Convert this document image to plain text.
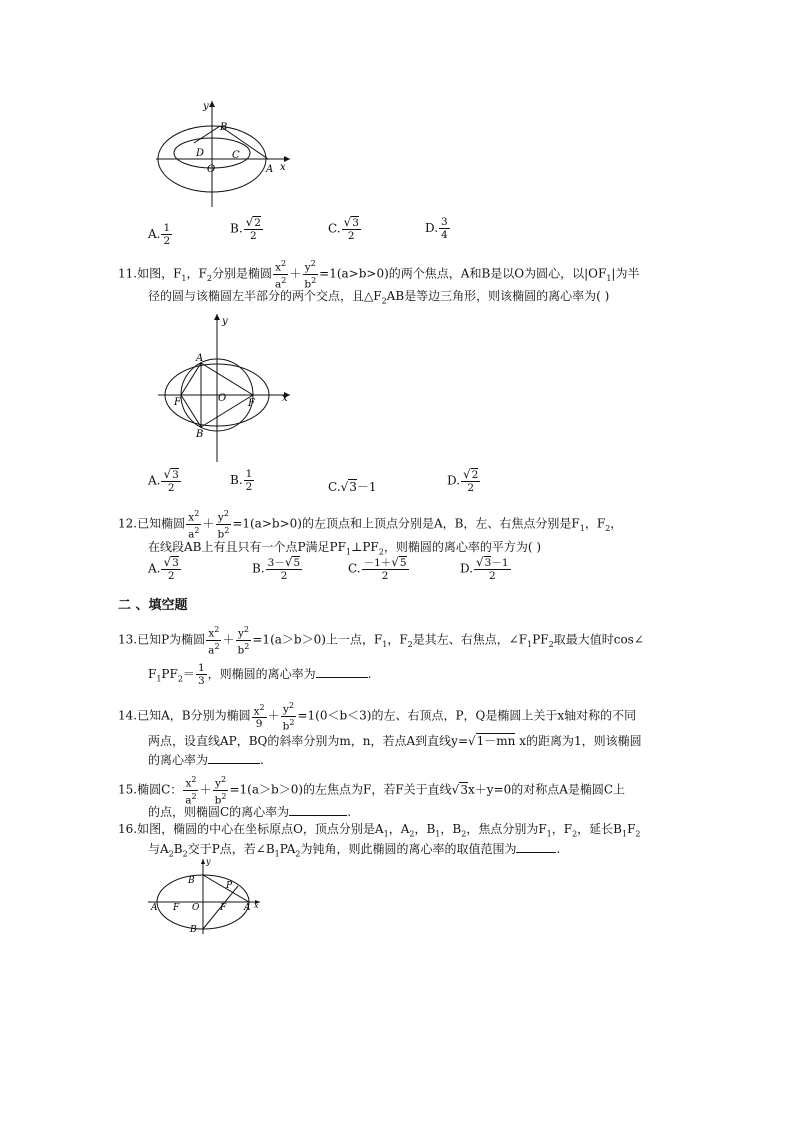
y
B
D	C
O	A x
A. $\frac{1}{2}$	B. $\frac{√2}{2}$	C. $\frac{√3}{2}$	D. $\frac{3}{4}$
11.如图，$F_1$，$F_2$分别是椭圆 $\frac{x^2}{a^2} + \frac{y^2}{b^2} =1(a>b>0)$的两个焦点，A和B是以O为圆心，以$|OF_1|$为半
径的圆与该椭圆左半部分的两个交点，且$\triangle F_2AB$是等边三角形，则该椭圆的离心率为( )
y
A
F	O F
B
x
A. $\frac{√3}{2}$	B. $\frac{1}{2}$	C.√3－1	D. $\frac{√2}{2}$
12.已知椭圆 $\frac{x^2}{a^2} + \frac{y^2}{b^2} =1(a>b>0)$的左顶点和上顶点分别是A，B，左、右焦点分别是$F_1$，$F_2$，
在线段AB上有且只有一个点P满足$PF_1\perp PF_2$，则椭圆的离心率的平方为( )
A. $\frac{√3}{2}$	B. $\frac{3-√5}{2}$	C. $\frac{-1+√5}{2}$	D. $\frac{√3-1}{2}$
二 、填空题
13.已知P为椭圆 $\frac{x^2}{a^2} + \frac{y^2}{b^2} =1(a>b>0)$上一点，$F_1$，$F_2$是其左、右焦点，$\angle F_1PF_2$取最大值时cos∠
$F_1PF_2= \frac{1}{3}$ ，则椭圆的离心率为	.
14.已知A，B分别为椭圆 $\frac{x^2}{9} + \frac{y^2}{b^2} =1(0<b<3)$的左、右顶点，P，Q是椭圆上关于x轴对称的不同
两点，设直线AP，BQ的斜率分别为m，n，若点A到直线y=√1－mn x的距离为1，则该椭圆
的离心率为	.
15.椭圆C： $\frac{x^2}{a^2} + \frac{y^2}{b^2} =1(a>b>0)$的左焦点为F，若F关于直线√3x＋y=0的对称点A是椭圆C上
的点，则椭圆C的离心率为	.
16.如图，椭圆的中心在坐标原点O，顶点分别是$A_1$，$A_2$，$B_1$，$B_2$，焦点分别为$F_1$，$F_2$，延长$B_1F_2$
与$A_2B_2$交于P点，若$\angle B_1PA_2$为钝角，则此椭圆的离心率的取值范围为	.
y
B	P
A F O F A x
B
